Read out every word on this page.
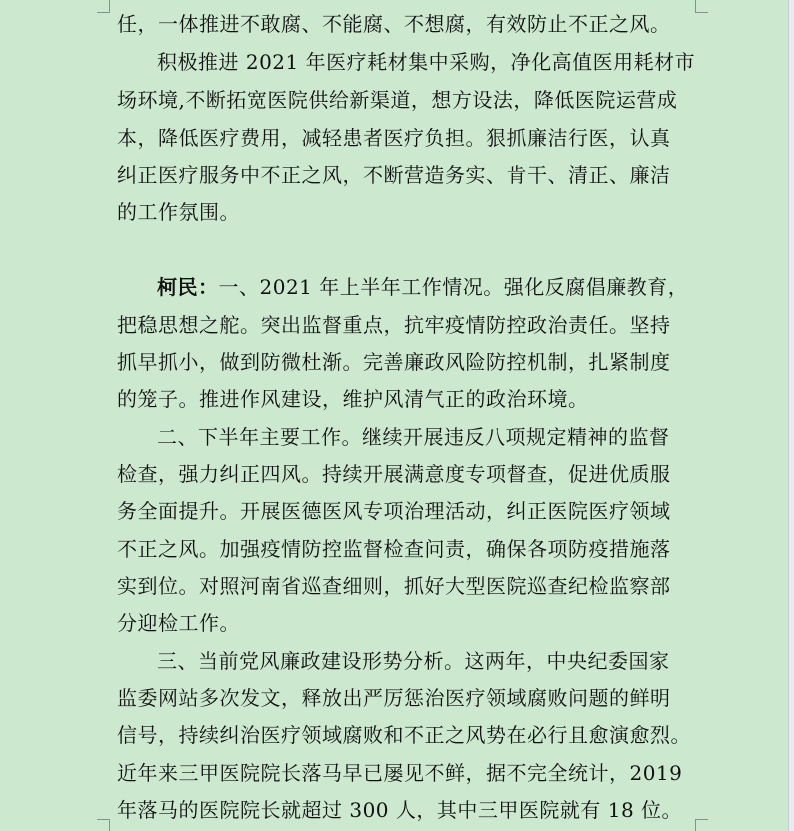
任，一体推进不敢腐、不能腐、不想腐，有效防止不正之风。
积极推进 2021 年医疗耗材集中采购，净化高值医用耗材市
场环境,不断拓宽医院供给新渠道，想方设法，降低医院运营成
本，降低医疗费用，减轻患者医疗负担。狠抓廉洁行医，认真
纠正医疗服务中不正之风，不断营造务实、肯干、清正、廉洁
的工作氛围。
柯民：一、2021 年上半年工作情况。强化反腐倡廉教育，
把稳思想之舵。突出监督重点，抗牢疫情防控政治责任。坚持
抓早抓小，做到防微杜渐。完善廉政风险防控机制，扎紧制度
的笼子。推进作风建设，维护风清气正的政治环境。
二、下半年主要工作。继续开展违反八项规定精神的监督
检查，强力纠正四风。持续开展满意度专项督查，促进优质服
务全面提升。开展医德医风专项治理活动，纠正医院医疗领域
不正之风。加强疫情防控监督检查问责，确保各项防疫措施落
实到位。对照河南省巡查细则，抓好大型医院巡查纪检监察部
分迎检工作。
三、当前党风廉政建设形势分析。这两年，中央纪委国家
监委网站多次发文，释放出严厉惩治医疗领域腐败问题的鲜明
信号，持续纠治医疗领域腐败和不正之风势在必行且愈演愈烈。
近年来三甲医院院长落马早已屡见不鲜，据不完全统计，2019
年落马的医院院长就超过 300 人，其中三甲医院就有 18 位。
